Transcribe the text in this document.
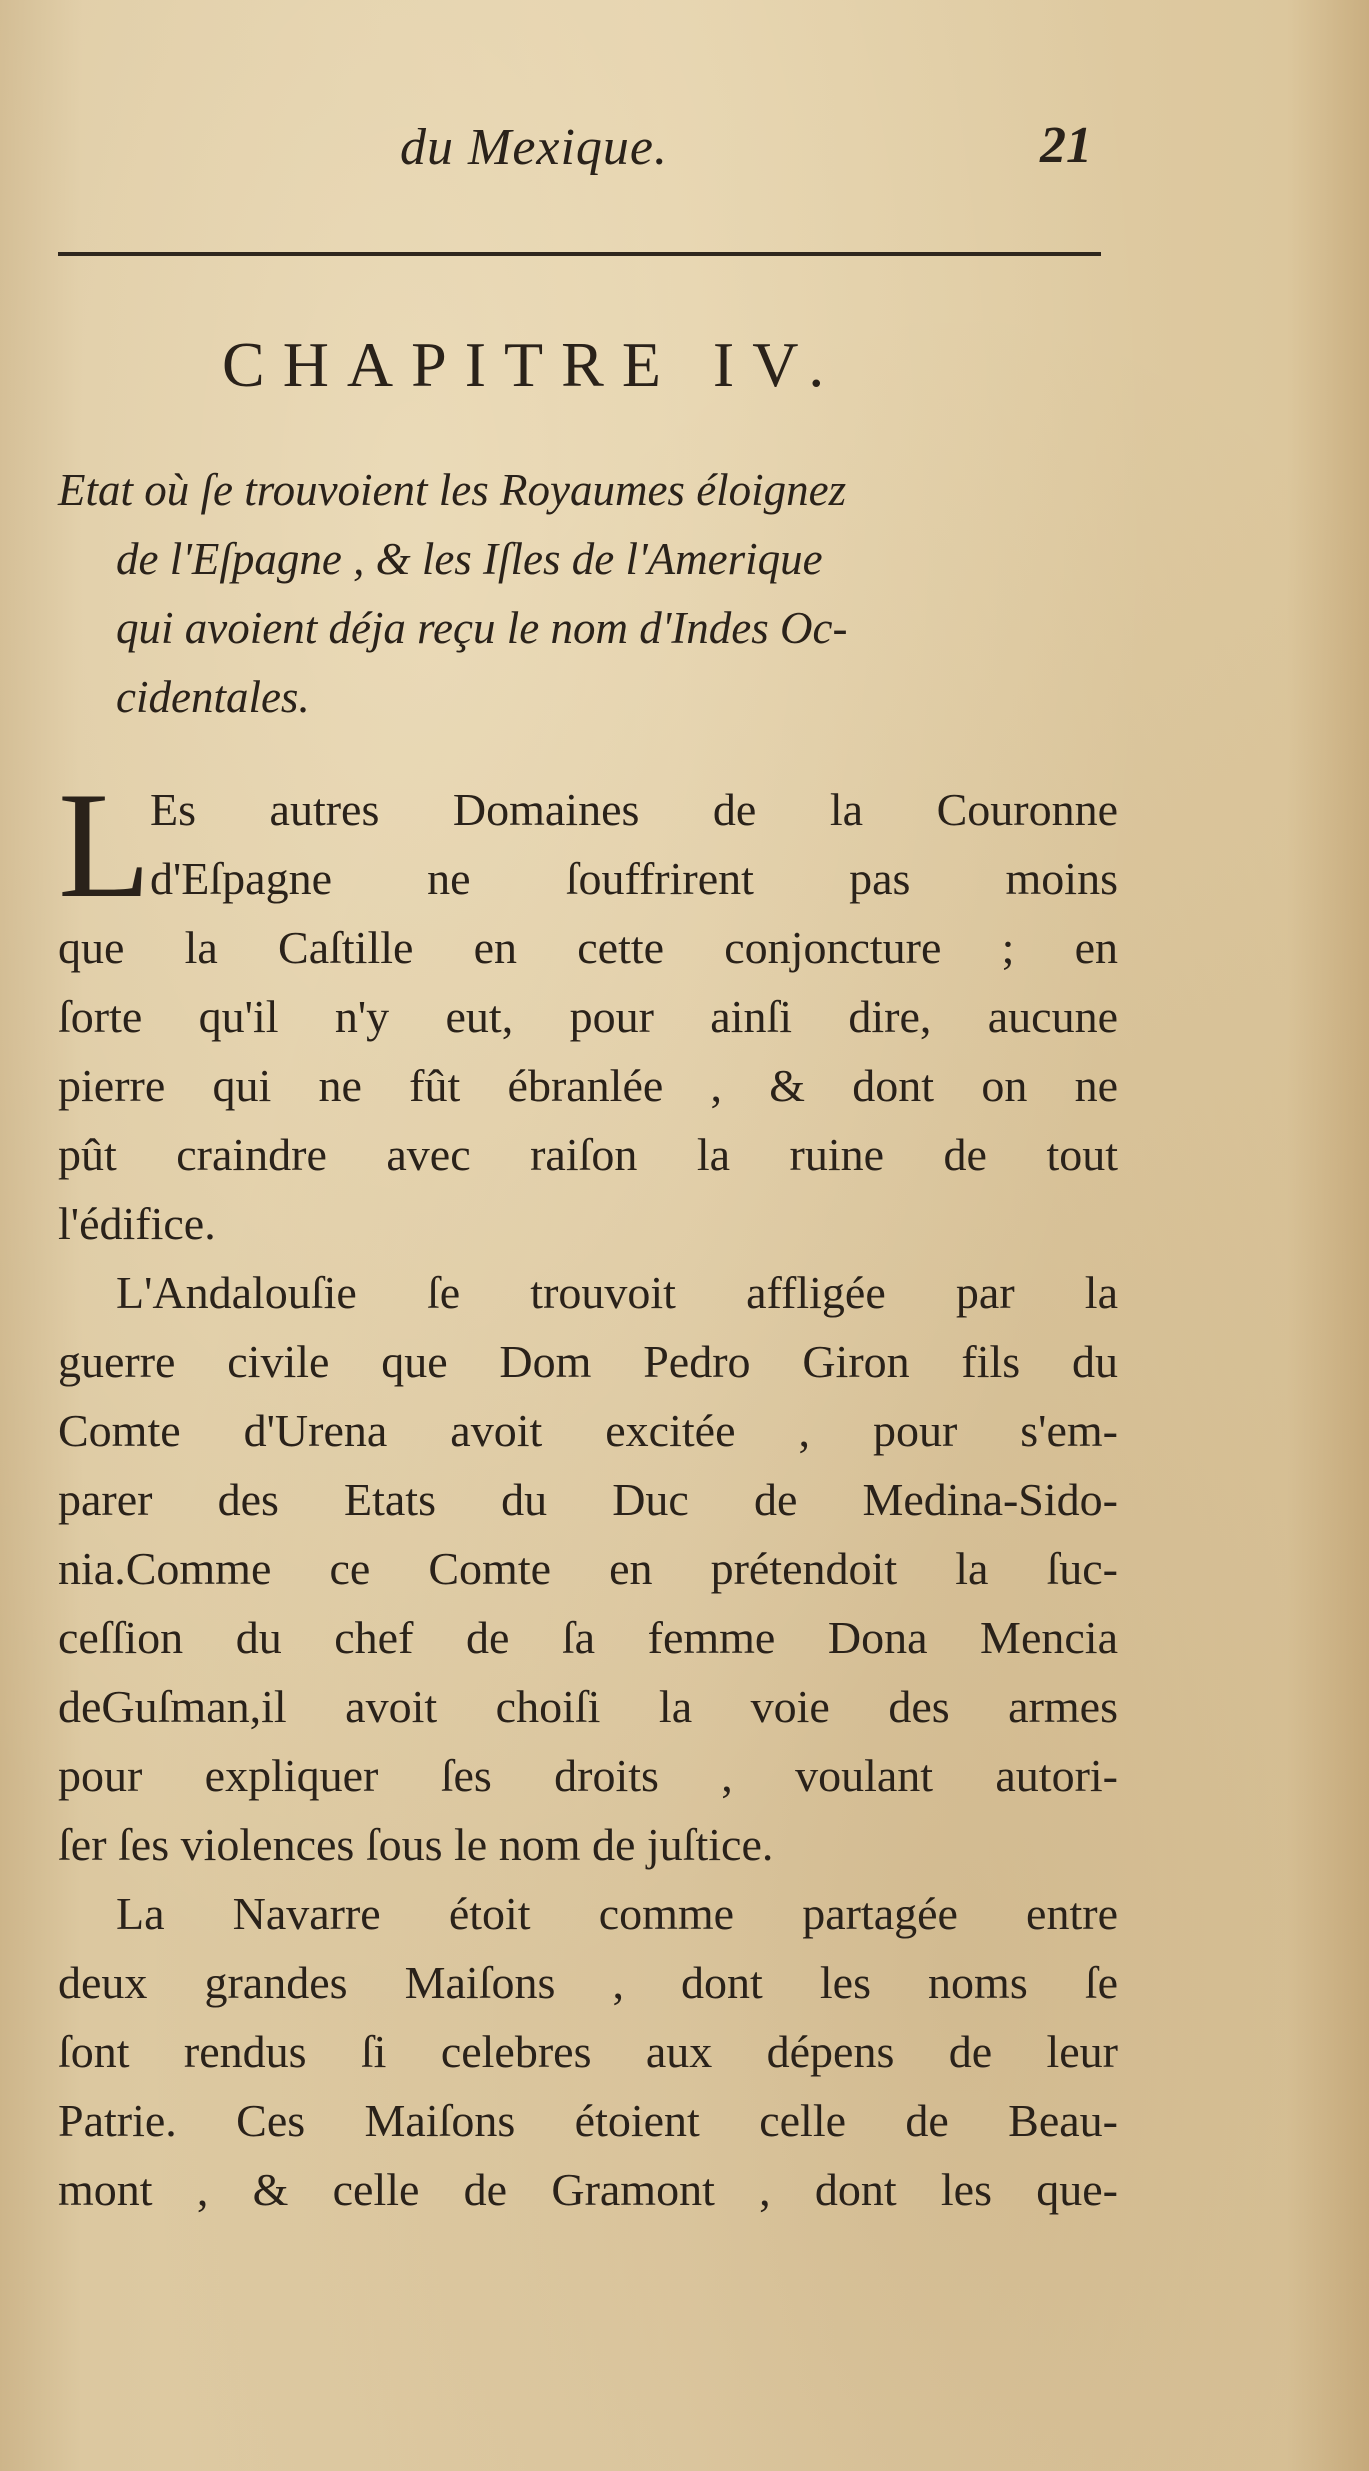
du Mexique.	21
CHAPITRE IV.
Etat où ſe trouvoient les Royaumes éloignez
de l'Eſpagne , & les Iſles de l'Amerique
qui avoient déja reçu le nom d'Indes Oc-
cidentales.
L Es autres Domaines de la Couronne
d'Eſpagne ne ſouffrirent pas moins
que la Caſtille en cette conjoncture ; en
ſorte qu'il n'y eut, pour ainſi dire, aucune
pierre qui ne fût ébranlée , & dont on ne
pût craindre avec raiſon la ruine de tout
l'édifice.
L'Andalouſie ſe trouvoit affligée par la
guerre civile que Dom Pedro Giron fils du
Comte d'Urena avoit excitée , pour s'em-
parer des Etats du Duc de Medina-Sido-
nia.Comme ce Comte en prétendoit la ſuc-
ceſſion du chef de ſa femme Dona Mencia
deGuſman,il avoit choiſi la voie des armes
pour expliquer ſes droits , voulant autori-
ſer ſes violences ſous le nom de juſtice.
La Navarre étoit comme partagée entre
deux grandes Maiſons , dont les noms ſe
ſont rendus ſi celebres aux dépens de leur
Patrie. Ces Maiſons étoient celle de Beau-
mont , & celle de Gramont , dont les que-
